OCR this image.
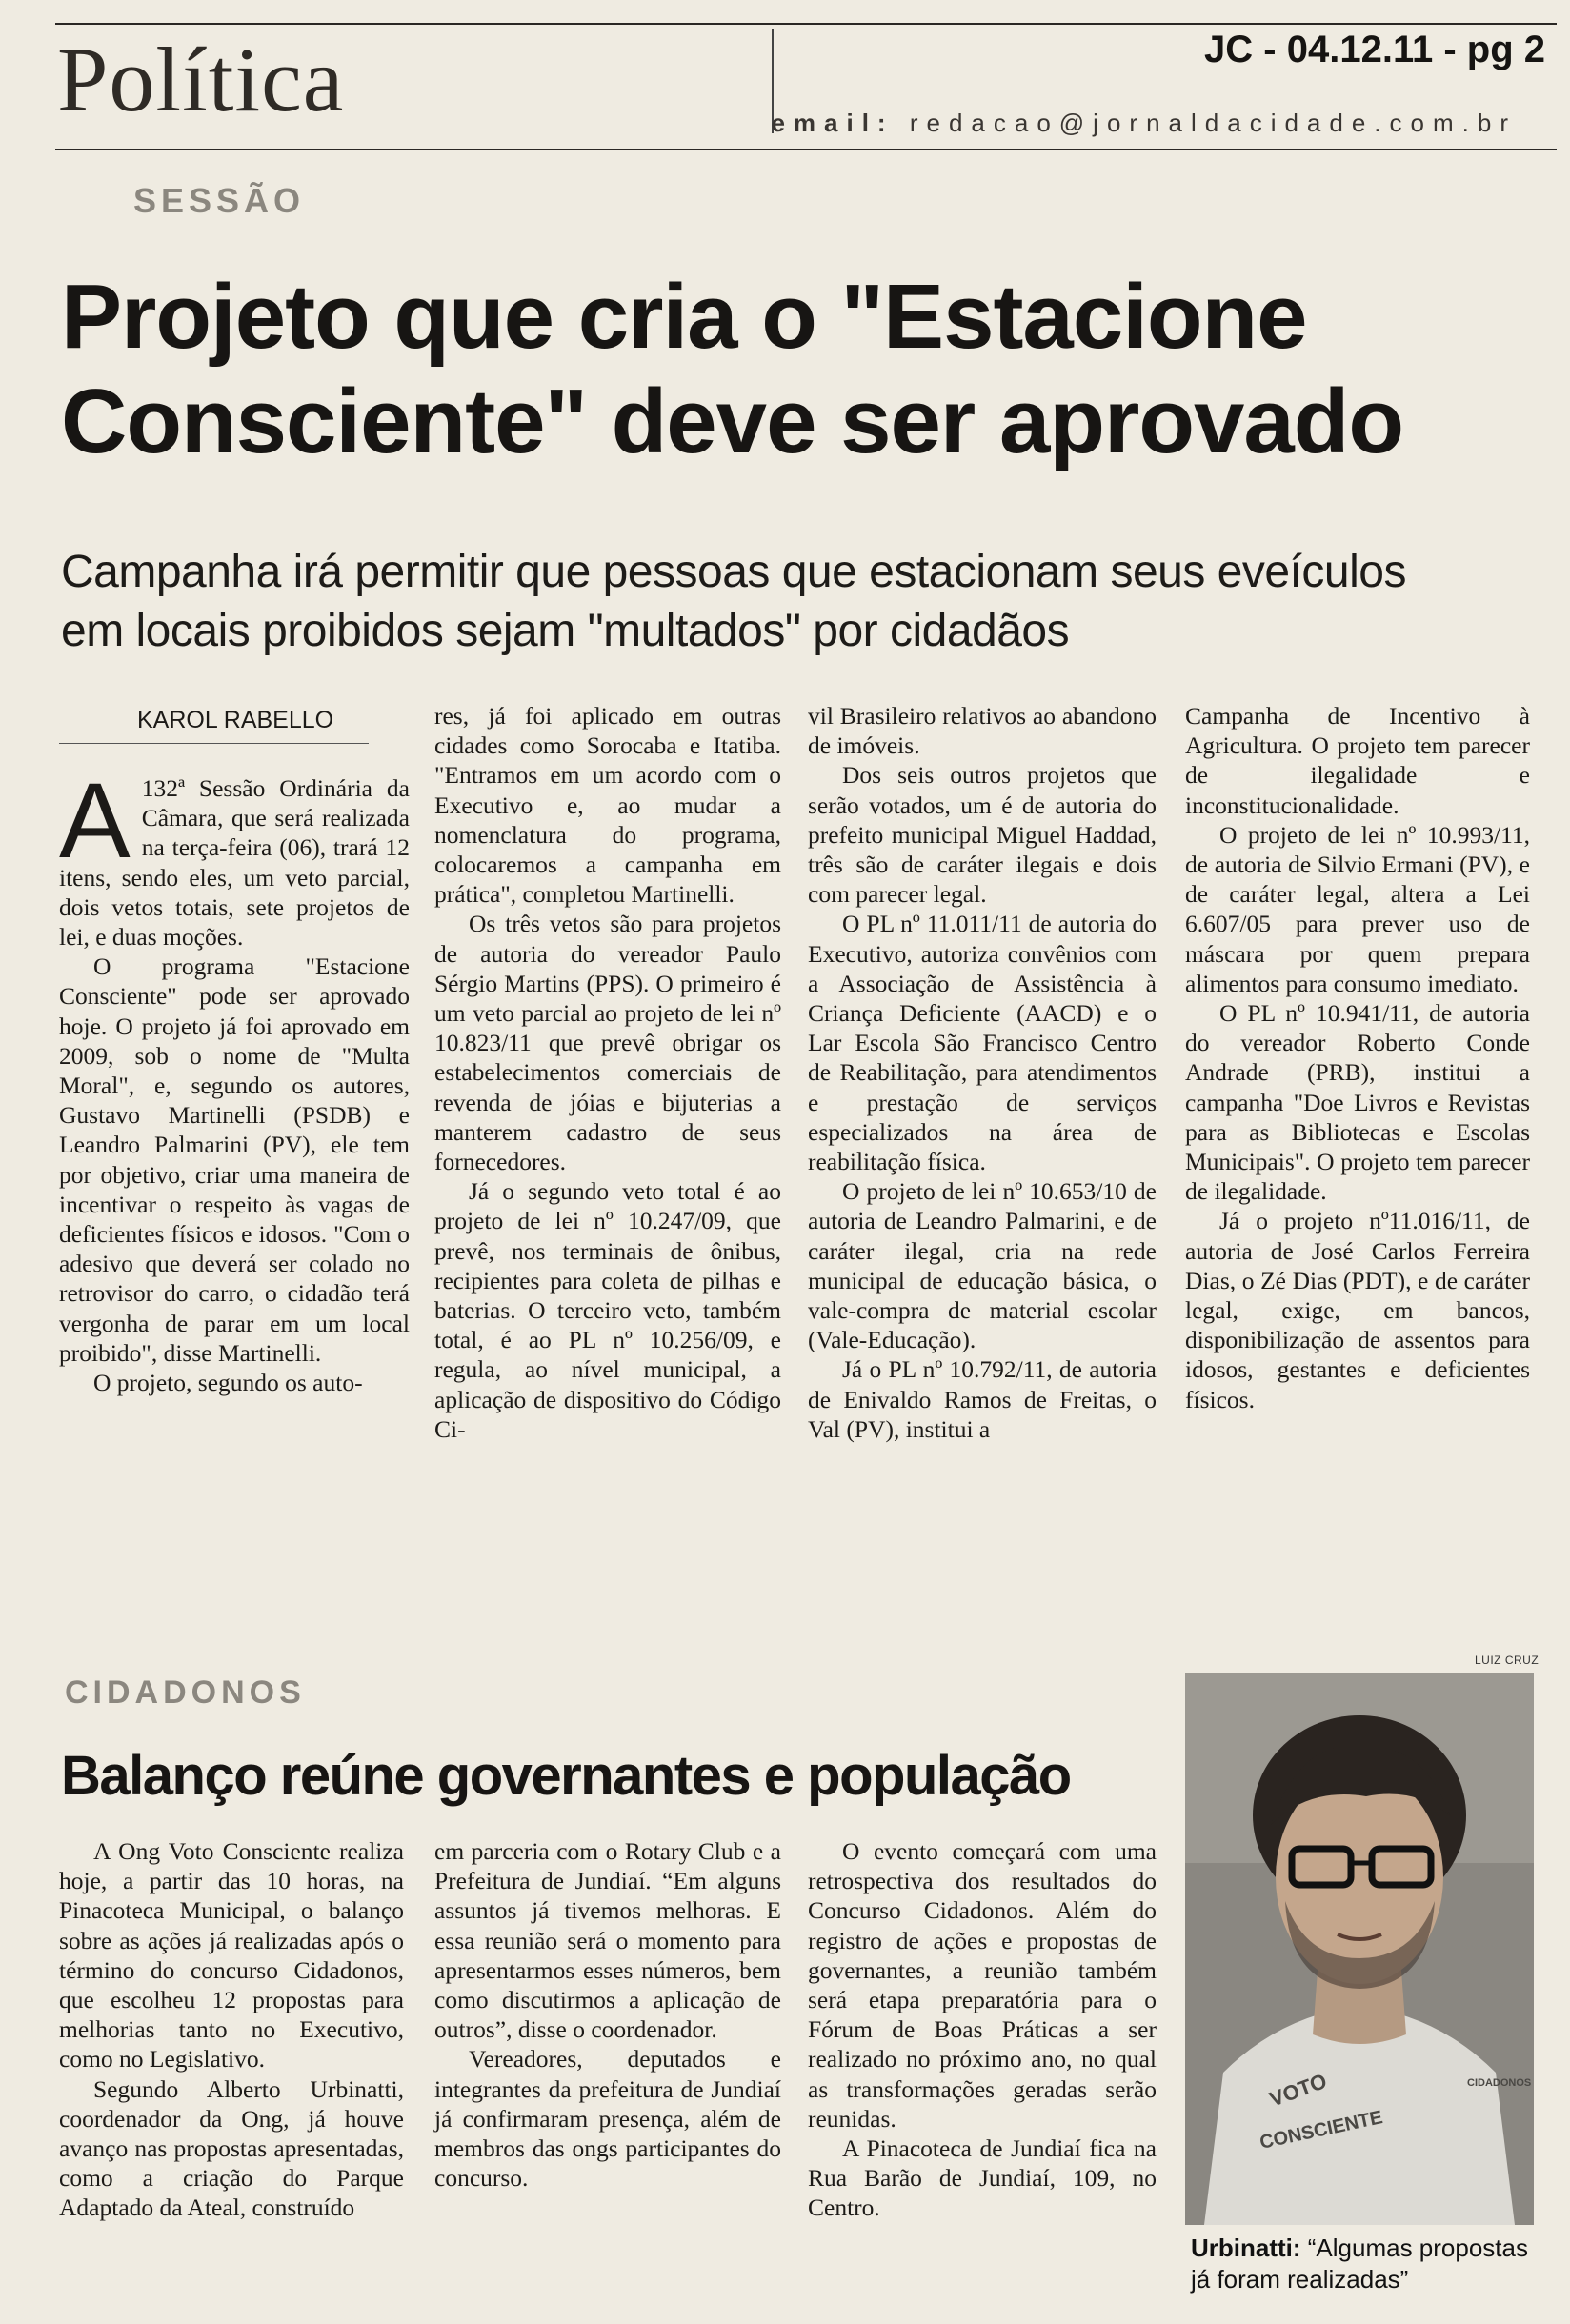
Política	JC - 04.12.11 - pg 2
email: redacao@jornaldacidade.com.br
SESSÃO
Projeto que cria o "Estacione
Consciente" deve ser aprovado
Campanha irá permitir que pessoas que estacionam seus eveículos
em locais proibidos sejam "multados" por cidadãos
KAROL RABELLO

A 132ª Sessão Ordinária da Câmara, que será realizada na terça-feira (06), trará 12 itens, sendo eles, um veto parcial, dois vetos totais, sete projetos de lei, e duas moções.

O programa "Estacione Consciente" pode ser aprovado hoje. O projeto já foi aprovado em 2009, sob o nome de "Multa Moral", e, segundo os autores, Gustavo Martinelli (PSDB) e Leandro Palmarini (PV), ele tem por objetivo, criar uma maneira de incentivar o respeito às vagas de deficientes físicos e idosos. "Com o adesivo que deverá ser colado no retrovisor do carro, o cidadão terá vergonha de parar em um local proibido", disse Martinelli.

O projeto, segundo os auto-

res, já foi aplicado em outras cidades como Sorocaba e Itatiba. "Entramos em um acordo com o Executivo e, ao mudar a nomenclatura do programa, colocaremos a campanha em prática", completou Martinelli.

Os três vetos são para projetos de autoria do vereador Paulo Sérgio Martins (PPS). O primeiro é um veto parcial ao projeto de lei nº 10.823/11 que prevê obrigar os estabelecimentos comerciais de revenda de jóias e bijuterias a manterem cadastro de seus fornecedores.

Já o segundo veto total é ao projeto de lei nº 10.247/09, que prevê, nos terminais de ônibus, recipientes para coleta de pilhas e baterias. O terceiro veto, também total, é ao PL nº 10.256/09, e regula, ao nível municipal, a aplicação de dispositivo do Código Ci-

vil Brasileiro relativos ao abandono de imóveis.

Dos seis outros projetos que serão votados, um é de autoria do prefeito municipal Miguel Haddad, três são de caráter ilegais e dois com parecer legal.

O PL nº 11.011/11 de autoria do Executivo, autoriza convênios com a Associação de Assistência à Criança Deficiente (AACD) e o Lar Escola São Francisco Centro de Reabilitação, para atendimentos e prestação de serviços especializados na área de reabilitação física.

O projeto de lei nº 10.653/10 de autoria de Leandro Palmarini, e de caráter ilegal, cria na rede municipal de educação básica, o vale-compra de material escolar (Vale-Educação).

Já o PL nº 10.792/11, de autoria de Enivaldo Ramos de Freitas, o Val (PV), institui a

Campanha de Incentivo à Agricultura. O projeto tem parecer de ilegalidade e inconstitucionalidade.

O projeto de lei nº 10.993/11, de autoria de Silvio Ermani (PV), e de caráter legal, altera a Lei 6.607/05 para prever uso de máscara por quem prepara alimentos para consumo imediato.

O PL nº 10.941/11, de autoria do vereador Roberto Conde Andrade (PRB), institui a campanha "Doe Livros e Revistas para as Bibliotecas e Escolas Municipais". O projeto tem parecer de ilegalidade.

Já o projeto nº11.016/11, de autoria de José Carlos Ferreira Dias, o Zé Dias (PDT), e de caráter legal, exige, em bancos, disponibilização de assentos para idosos, gestantes e deficientes físicos.

CIDADONOS
Balanço reúne governantes e população

A Ong Voto Consciente realiza hoje, a partir das 10 horas, na Pinacoteca Municipal, o balanço sobre as ações já realizadas após o término do concurso Cidadonos, que escolheu 12 propostas para melhorias tanto no Executivo, como no Legislativo.

Segundo Alberto Urbinatti, coordenador da Ong, já houve avanço nas propostas apresentadas, como a criação do Parque Adaptado da Ateal, construído

em parceria com o Rotary Club e a Prefeitura de Jundiaí. “Em alguns assuntos já tivemos melhoras. E essa reunião será o momento para apresentarmos esses números, bem como discutirmos a aplicação de outros”, disse o coordenador.

Vereadores, deputados e integrantes da prefeitura de Jundiaí já confirmaram presença, além de membros das ongs participantes do concurso.

O evento começará com uma retrospectiva dos resultados do Concurso Cidadonos. Além do registro de ações e propostas de governantes, a reunião também será etapa preparatória para o Fórum de Boas Práticas a ser realizado no próximo ano, no qual as transformações geradas serão reunidas.

A Pinacoteca de Jundiaí fica na Rua Barão de Jundiaí, 109, no Centro.

LUIZ CRUZ
VOTO
CONSCIENTE
CIDADONOS
Urbinatti: “Algumas propostas já foram realizadas”
